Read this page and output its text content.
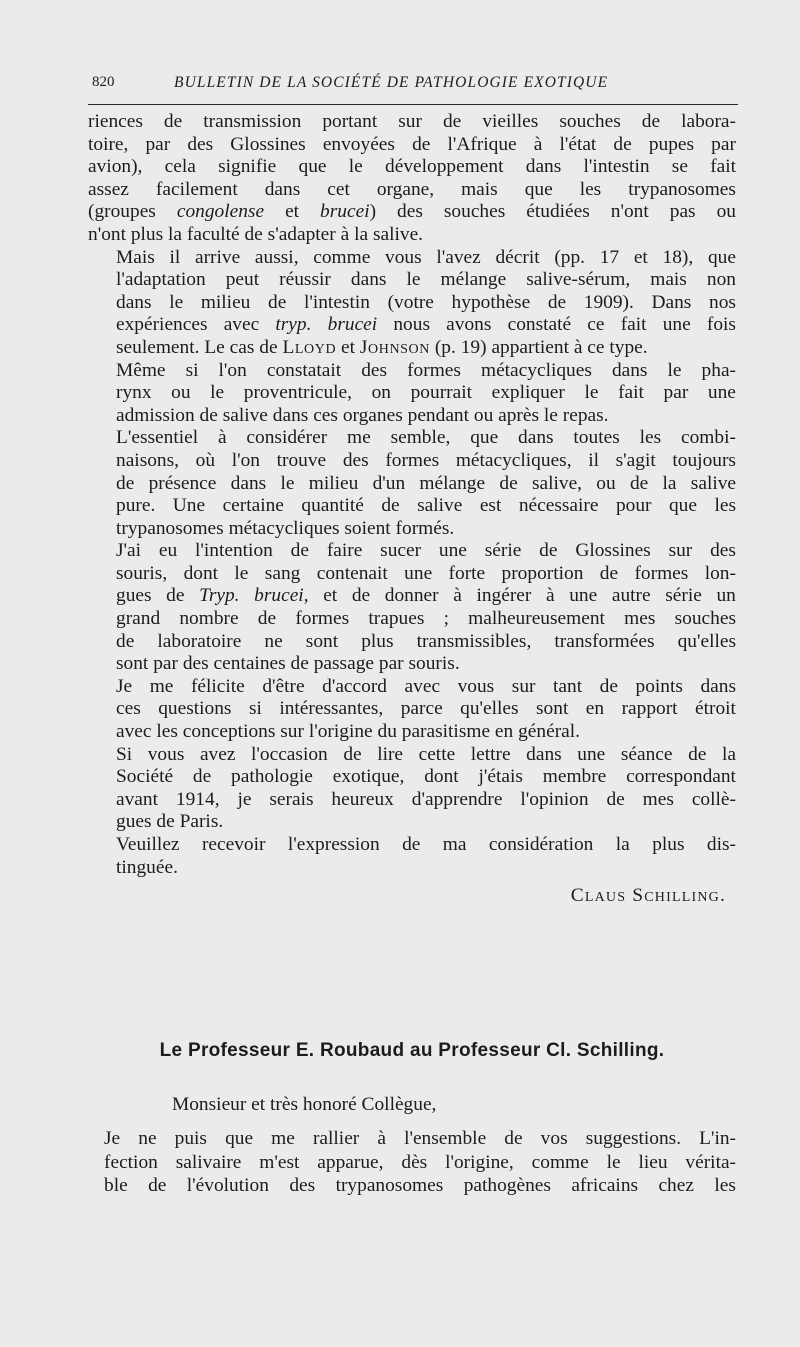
820	BULLETIN DE LA SOCIÉTÉ DE PATHOLOGIE EXOTIQUE

riences de transmission portant sur de vieilles souches de labora-
toire, par des Glossines envoyées de l'Afrique à l'état de pupes par
avion), cela signifie que le développement dans l'intestin se fait
assez facilement dans cet organe, mais que les trypanosomes
(groupes congolense et brucei) des souches étudiées n'ont pas ou
n'ont plus la faculté de s'adapter à la salive.

Mais il arrive aussi, comme vous l'avez décrit (pp. 17 et 18), que
l'adaptation peut réussir dans le mélange salive-sérum, mais non
dans le milieu de l'intestin (votre hypothèse de 1909). Dans nos
expériences avec tryp. brucei nous avons constaté ce fait une fois
seulement. Le cas de Lloyd et Johnson (p. 19) appartient à ce type.

Même si l'on constatait des formes métacycliques dans le pha-
rynx ou le proventricule, on pourrait expliquer le fait par une
admission de salive dans ces organes pendant ou après le repas.

L'essentiel à considérer me semble, que dans toutes les combi-
naisons, où l'on trouve des formes métacycliques, il s'agit toujours
de présence dans le milieu d'un mélange de salive, ou de la salive
pure. Une certaine quantité de salive est nécessaire pour que les
trypanosomes métacycliques soient formés.

J'ai eu l'intention de faire sucer une série de Glossines sur des
souris, dont le sang contenait une forte proportion de formes lon-
gues de Tryp. brucei, et de donner à ingérer à une autre série un
grand nombre de formes trapues ; malheureusement mes souches
de laboratoire ne sont plus transmissibles, transformées qu'elles
sont par des centaines de passage par souris.

Je me félicite d'être d'accord avec vous sur tant de points dans
ces questions si intéressantes, parce qu'elles sont en rapport étroit
avec les conceptions sur l'origine du parasitisme en général.

Si vous avez l'occasion de lire cette lettre dans une séance de la
Société de pathologie exotique, dont j'étais membre correspondant
avant 1914, je serais heureux d'apprendre l'opinion de mes collè-
gues de Paris.

Veuillez recevoir l'expression de ma considération la plus dis-
tinguée.

Claus Schilling.
Le Professeur E. Roubaud au Professeur Cl. Schilling.
Monsieur et très honoré Collègue,

Je ne puis que me rallier à l'ensemble de vos suggestions. L'in-
fection salivaire m'est apparue, dès l'origine, comme le lieu vérita-
ble de l'évolution des trypanosomes pathogènes africains chez les
